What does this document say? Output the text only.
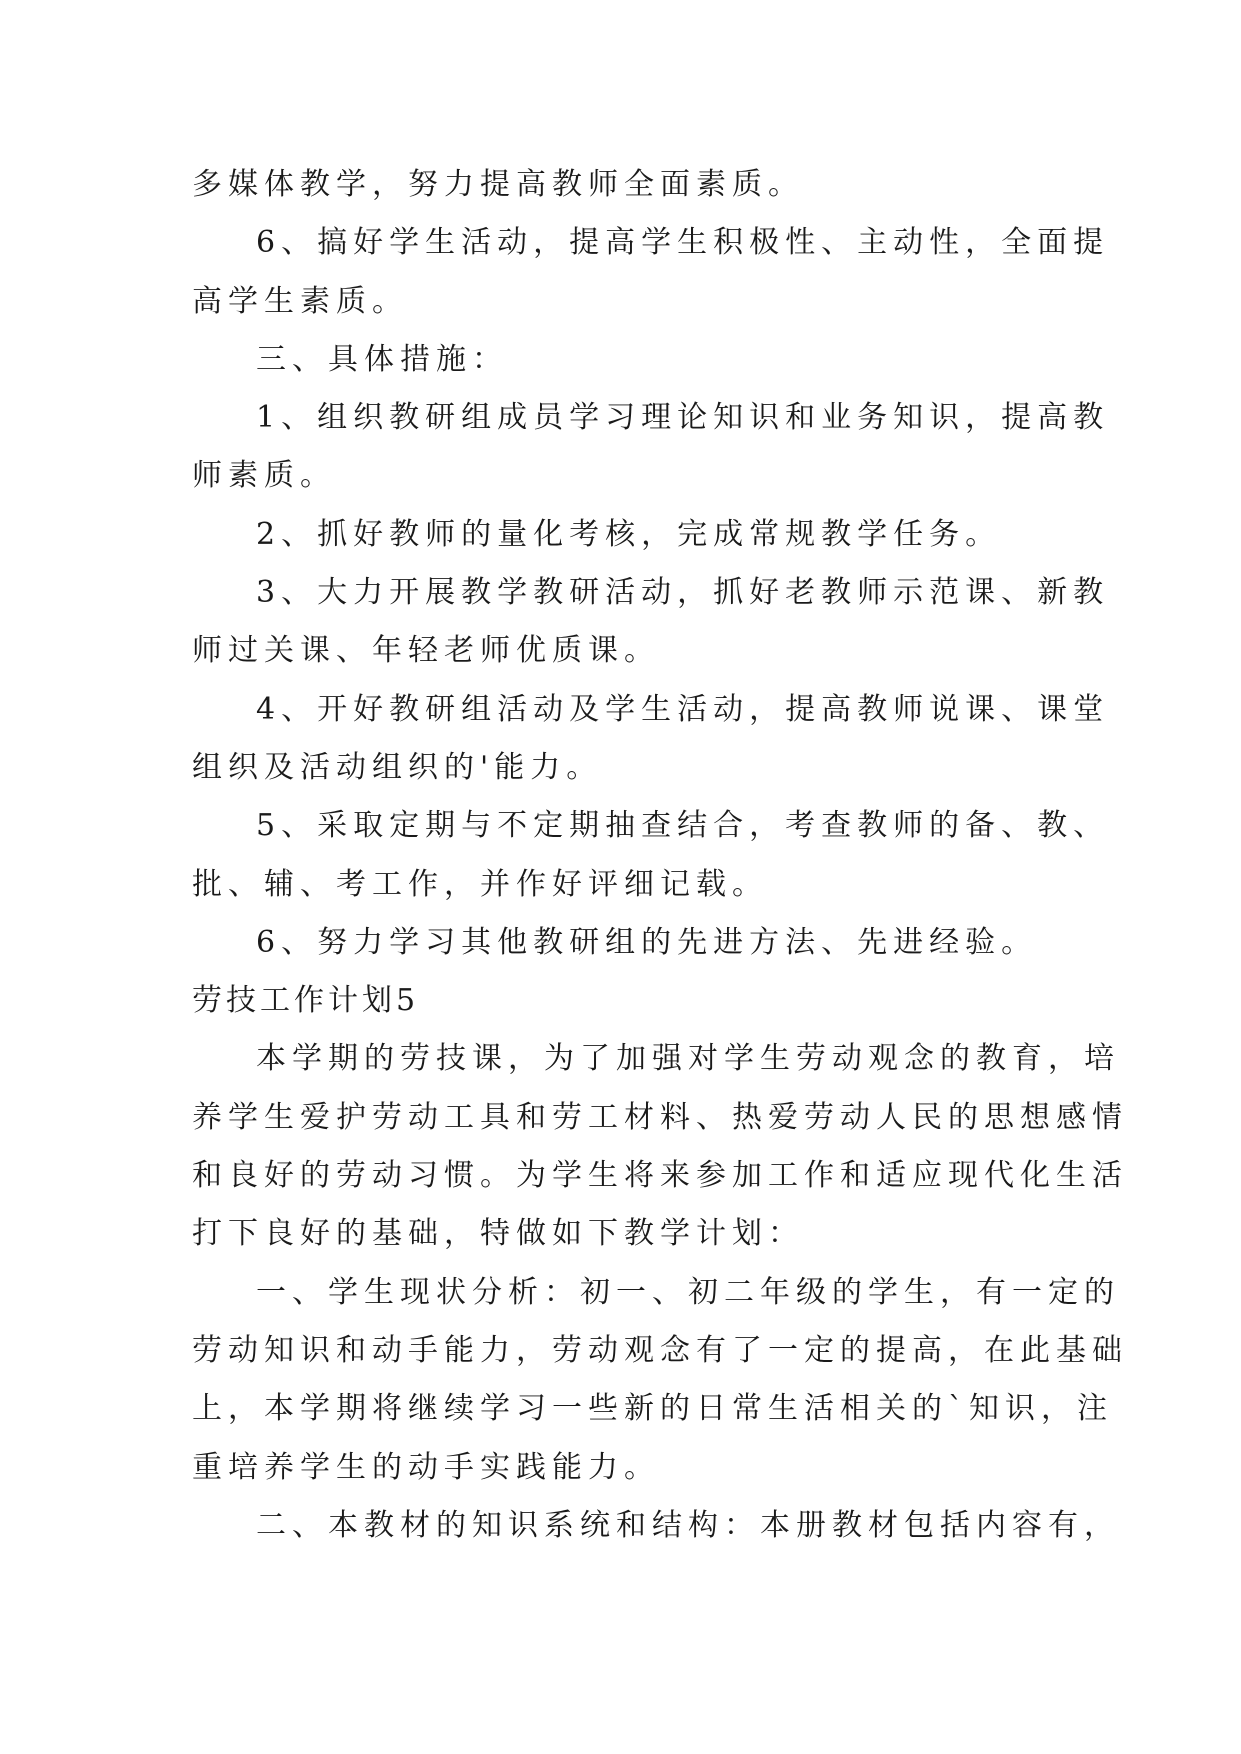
多媒体教学，努力提高教师全面素质。
6、搞好学生活动，提高学生积极性、主动性，全面提
高学生素质。
三、具体措施：
1、组织教研组成员学习理论知识和业务知识，提高教
师素质。
2、抓好教师的量化考核，完成常规教学任务。
3、大力开展教学教研活动，抓好老教师示范课、新教
师过关课、年轻老师优质课。
4、开好教研组活动及学生活动，提高教师说课、课堂
组织及活动组织的'能力。
5、采取定期与不定期抽查结合，考查教师的备、教、
批、辅、考工作，并作好评细记载。
6、努力学习其他教研组的先进方法、先进经验。
劳技工作计划5
本学期的劳技课，为了加强对学生劳动观念的教育，培
养学生爱护劳动工具和劳工材料、热爱劳动人民的思想感情
和良好的劳动习惯。为学生将来参加工作和适应现代化生活
打下良好的基础，特做如下教学计划：
一、学生现状分析：初一、初二年级的学生，有一定的
劳动知识和动手能力，劳动观念有了一定的提高，在此基础
上，本学期将继续学习一些新的日常生活相关的`知识，注
重培养学生的动手实践能力。
二、本教材的知识系统和结构：本册教材包括内容有，
